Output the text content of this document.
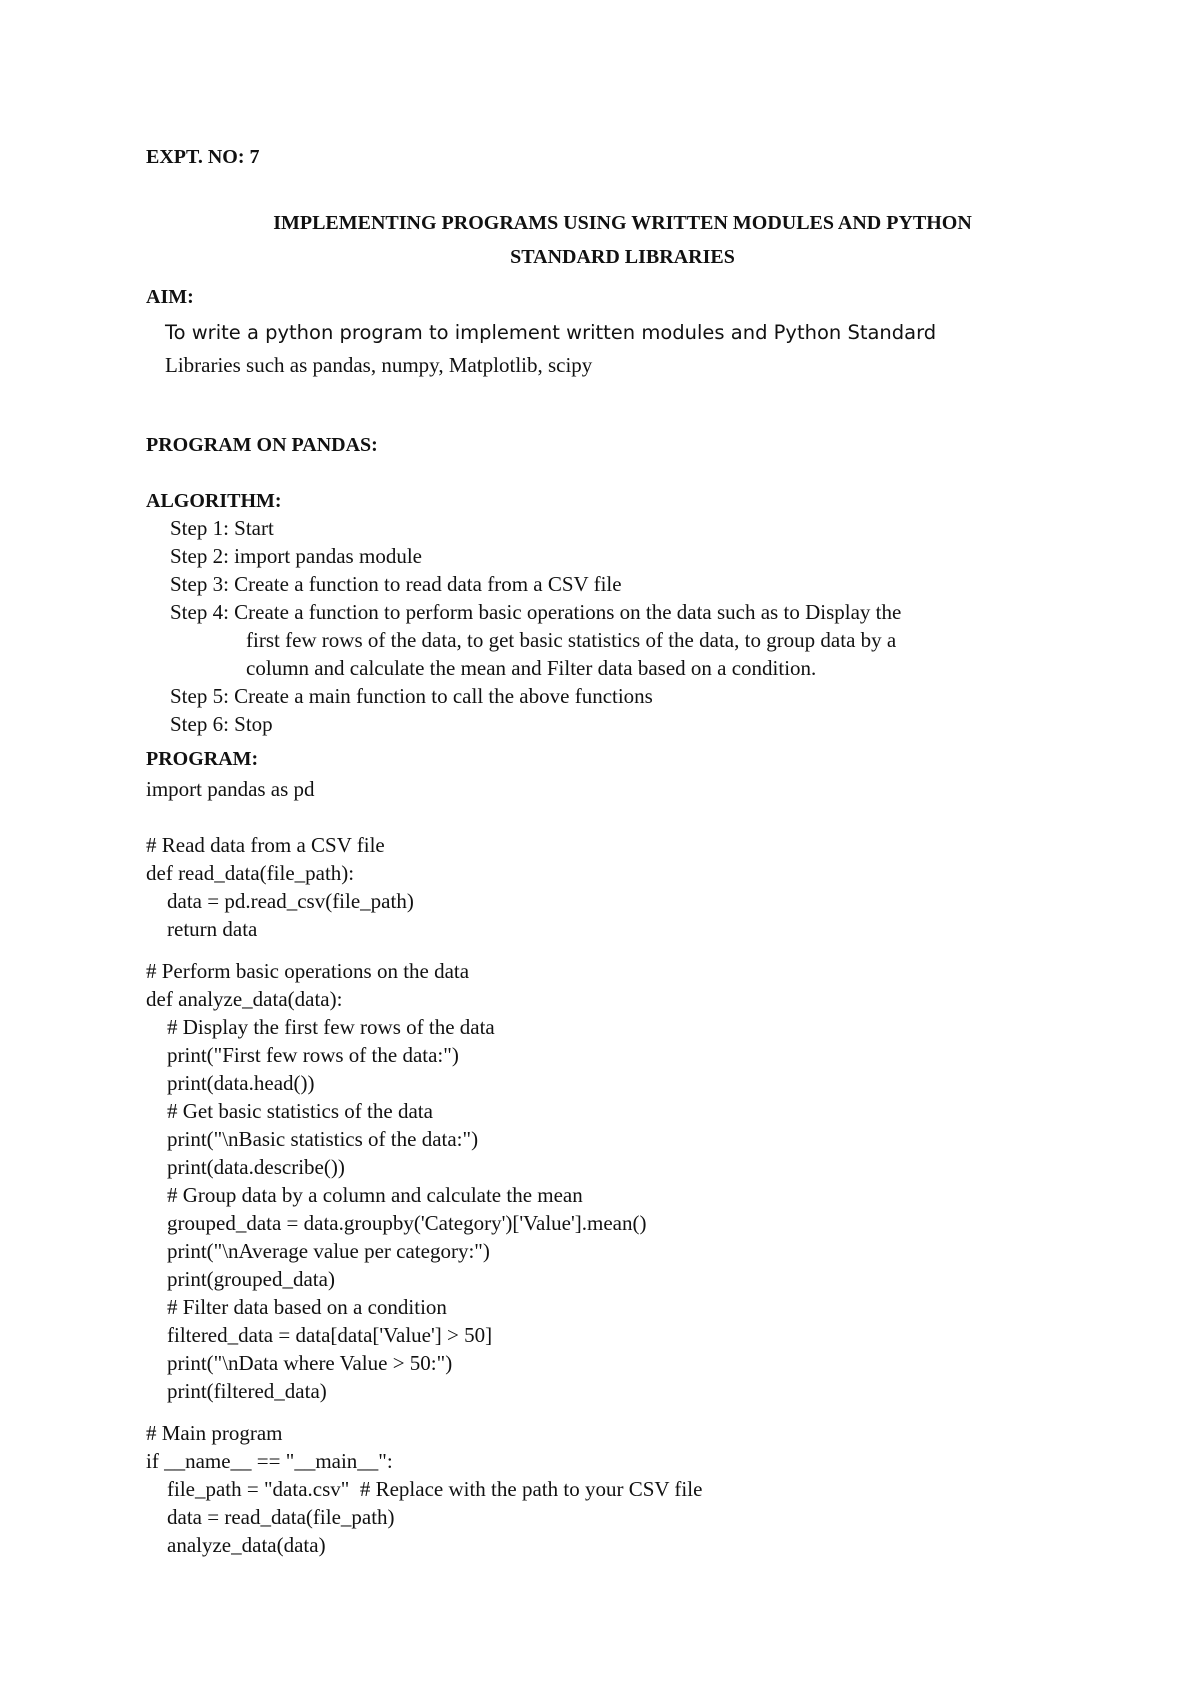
EXPT. NO: 7
IMPLEMENTING PROGRAMS USING WRITTEN MODULES AND PYTHON
STANDARD LIBRARIES
AIM:
To write a python program to implement written modules and Python Standard
Libraries such as pandas, numpy, Matplotlib, scipy
PROGRAM ON PANDAS:
ALGORITHM:
Step 1: Start
Step 2: import pandas module
Step 3: Create a function to read data from a CSV file
Step 4: Create a function to perform basic operations on the data such as to Display the
first few rows of the data, to get basic statistics of the data, to group data by a
column and calculate the mean and Filter data based on a condition.
Step 5: Create a main function to call the above functions
Step 6: Stop
PROGRAM:
import pandas as pd
# Read data from a CSV file
def read_data(file_path):
data = pd.read_csv(file_path)
return data
# Perform basic operations on the data
def analyze_data(data):
# Display the first few rows of the data
print("First few rows of the data:")
print(data.head())
# Get basic statistics of the data
print("\nBasic statistics of the data:")
print(data.describe())
# Group data by a column and calculate the mean
grouped_data = data.groupby('Category')['Value'].mean()
print("\nAverage value per category:")
print(grouped_data)
# Filter data based on a condition
filtered_data = data[data['Value'] > 50]
print("\nData where Value > 50:")
print(filtered_data)
# Main program
if __name__ == "__main__":
file_path = "data.csv"  # Replace with the path to your CSV file
data = read_data(file_path)
analyze_data(data)
